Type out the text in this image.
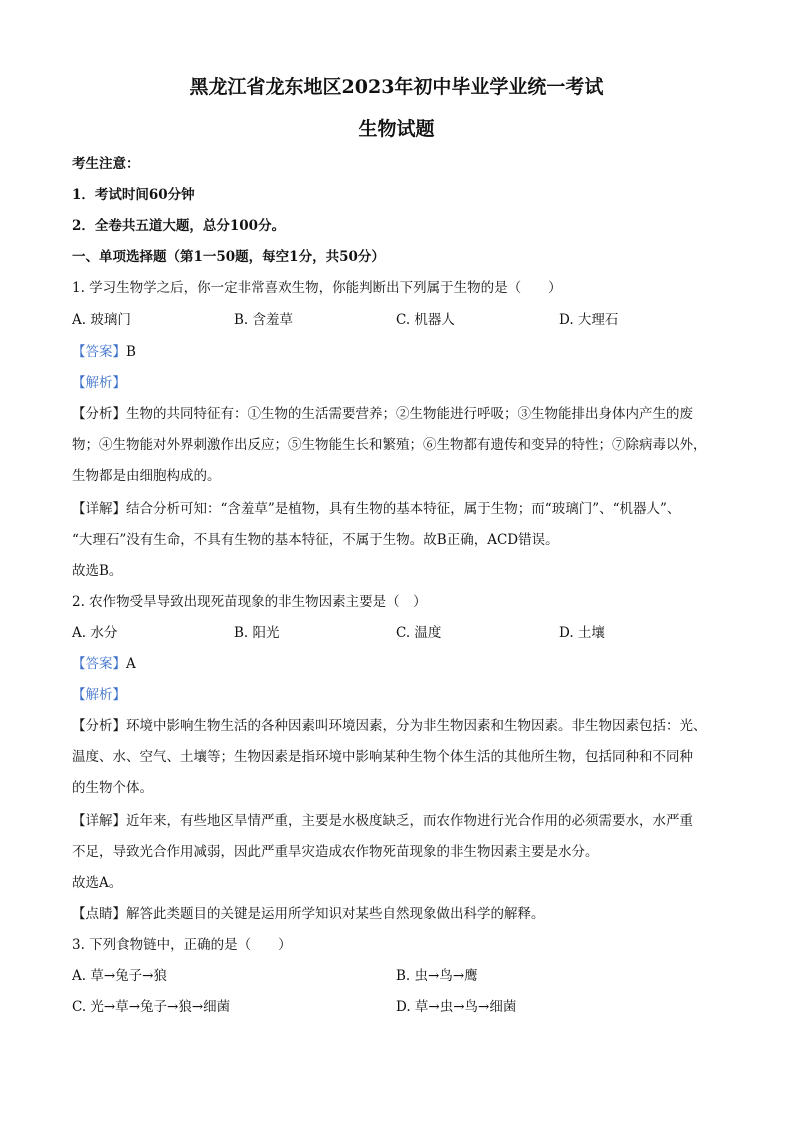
黑龙江省龙东地区2023年初中毕业学业统一考试
生物试题
考生注意：
1．考试时间60分钟
2．全卷共五道大题，总分100分。
一、单项选择题（第1一50题，每空1分，共50分）
1. 学习生物学之后，你一定非常喜欢生物，你能判断出下列属于生物的是（　　）
A. 玻璃门	B. 含羞草	C. 机器人	D. 大理石
【答案】B
【解析】
【分析】生物的共同特征有：①生物的生活需要营养；②生物能进行呼吸；③生物能排出身体内产生的废
物；④生物能对外界刺激作出反应；⑤生物能生长和繁殖；⑥生物都有遗传和变异的特性；⑦除病毒以外，
生物都是由细胞构成的。
【详解】结合分析可知：“含羞草”是植物，具有生物的基本特征，属于生物；而“玻璃门”、“机器人”、
“大理石”没有生命，不具有生物的基本特征，不属于生物。故B正确，ACD错误。
故选B。
2. 农作物受旱导致出现死苗现象的非生物因素主要是（　）
A. 水分	B. 阳光	C. 温度	D. 土壤
【答案】A
【解析】
【分析】环境中影响生物生活的各种因素叫环境因素，分为非生物因素和生物因素。非生物因素包括：光、
温度、水、空气、土壤等；生物因素是指环境中影响某种生物个体生活的其他所生物，包括同种和不同种
的生物个体。
【详解】近年来，有些地区旱情严重，主要是水极度缺乏，而农作物进行光合作用的必须需要水，水严重
不足，导致光合作用减弱，因此严重旱灾造成农作物死苗现象的非生物因素主要是水分。
故选A。
【点睛】解答此类题目的关键是运用所学知识对某些自然现象做出科学的解释。
3. 下列食物链中，正确的是（　　）
A. 草→兔子→狼	B. 虫→鸟→鹰
C. 光→草→兔子→狼→细菌	D. 草→虫→鸟→细菌
